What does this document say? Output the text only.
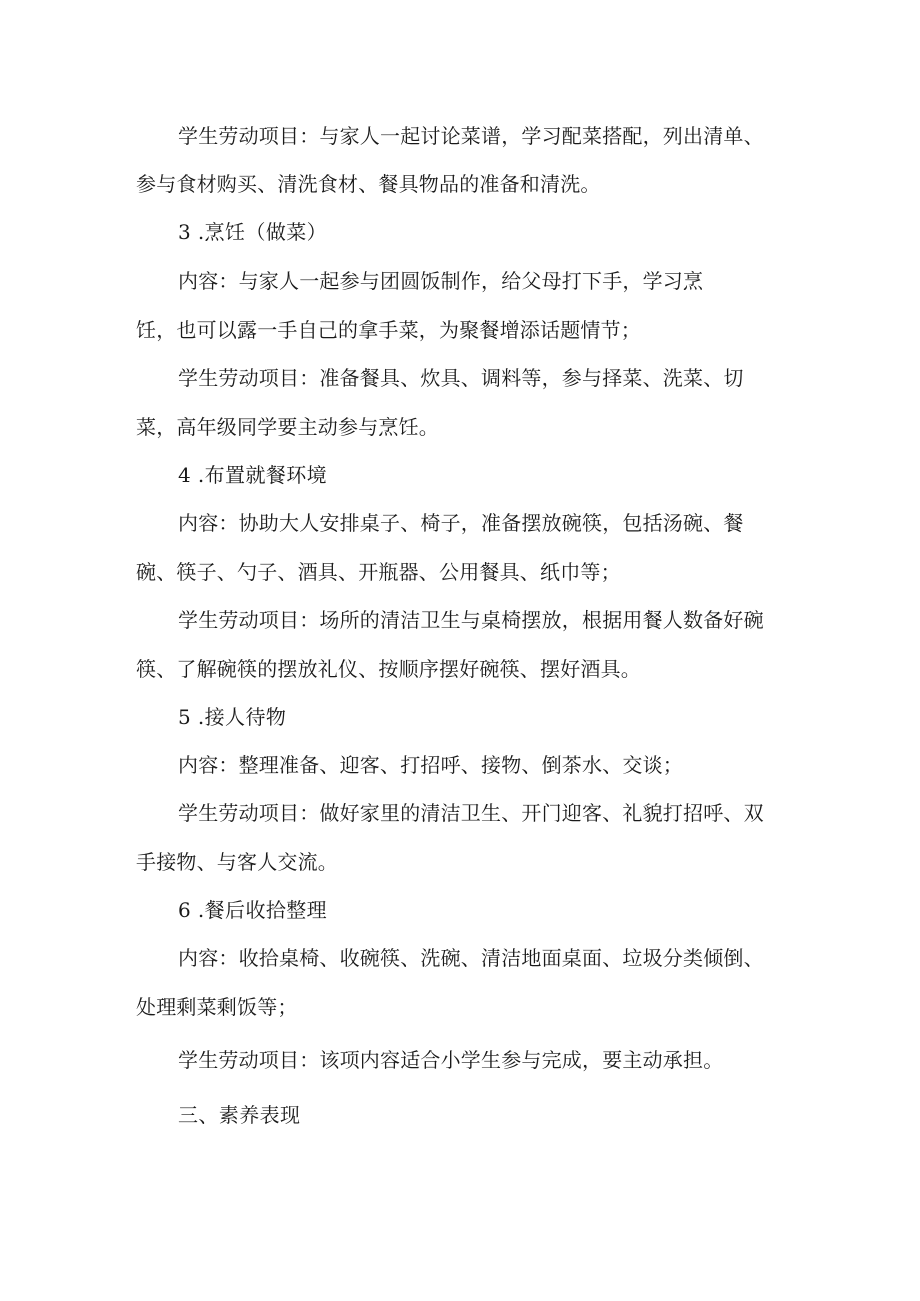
学生劳动项目：与家人一起讨论菜谱，学习配菜搭配，列出清单、

参与食材购买、清洗食材、餐具物品的准备和清洗。

3 .烹饪（做菜）

内容：与家人一起参与团圆饭制作，给父母打下手，学习烹

饪，也可以露一手自己的拿手菜，为聚餐增添话题情节；

学生劳动项目：准备餐具、炊具、调料等，参与择菜、洗菜、切

菜，高年级同学要主动参与烹饪。

4 .布置就餐环境

内容：协助大人安排桌子、椅子，准备摆放碗筷，包括汤碗、餐

碗、筷子、勺子、酒具、开瓶器、公用餐具、纸巾等；

学生劳动项目：场所的清洁卫生与桌椅摆放，根据用餐人数备好碗

筷、了解碗筷的摆放礼仪、按顺序摆好碗筷、摆好酒具。

5 .接人待物

内容：整理准备、迎客、打招呼、接物、倒茶水、交谈；

学生劳动项目：做好家里的清洁卫生、开门迎客、礼貌打招呼、双

手接物、与客人交流。

6 .餐后收拾整理

内容：收拾桌椅、收碗筷、洗碗、清洁地面桌面、垃圾分类倾倒、

处理剩菜剩饭等；

学生劳动项目：该项内容适合小学生参与完成，要主动承担。

三、素养表现
